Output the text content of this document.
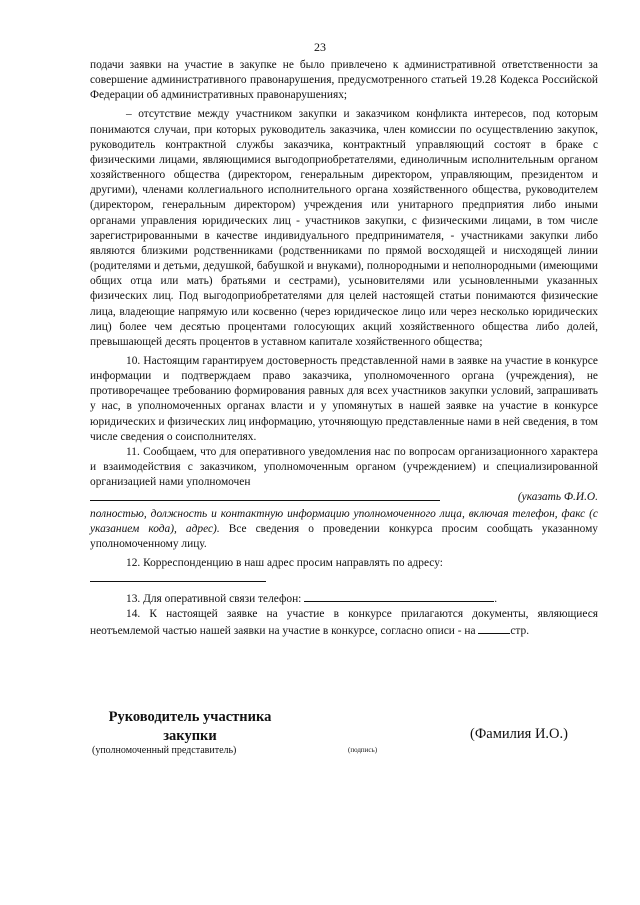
23

подачи заявки на участие в закупке не было привлечено к административной ответственности за совершение административного правонарушения, предусмотренного статьей 19.28 Кодекса Российской Федерации об административных правонарушениях;

– отсутствие между участником закупки и заказчиком конфликта интересов, под которым понимаются случаи, при которых руководитель заказчика, член комиссии по осуществлению закупок, руководитель контрактной службы заказчика, контрактный управляющий состоят в браке с физическими лицами, являющимися выгодоприобретателями, единоличным исполнительным органом хозяйственного общества (директором, генеральным директором, управляющим, президентом и другими), членами коллегиального исполнительного органа хозяйственного общества, руководителем (директором, генеральным директором) учреждения или унитарного предприятия либо иными органами управления юридических лиц - участников закупки, с физическими лицами, в том числе зарегистрированными в качестве индивидуального предпринимателя, - участниками закупки либо являются близкими родственниками (родственниками по прямой восходящей и нисходящей линии (родителями и детьми, дедушкой, бабушкой и внуками), полнородными и неполнородными (имеющими общих отца или мать) братьями и сестрами), усыновителями или усыновленными указанных физических лиц. Под выгодоприобретателями для целей настоящей статьи понимаются физические лица, владеющие напрямую или косвенно (через юридическое лицо или через несколько юридических лиц) более чем десятью процентами голосующих акций хозяйственного общества либо долей, превышающей десять процентов в уставном капитале хозяйственного общества;

10. Настоящим гарантируем достоверность представленной нами в заявке на участие в конкурсе информации и подтверждаем право заказчика, уполномоченного органа (учреждения), не противоречащее требованию формирования равных для всех участников закупки условий, запрашивать у нас, в уполномоченных органах власти и у упомянутых в нашей заявке на участие в конкурсе юридических и физических лиц информацию, уточняющую представленные нами в ней сведения, в том числе сведения о соисполнителях.

11. Сообщаем, что для оперативного уведомления нас по вопросам организационного характера и взаимодействия с заказчиком, уполномоченным органом (учреждением) и специализированной организацией нами уполномочен

(указать Ф.И.О.

полностью, должность и контактную информацию уполномоченного лица, включая телефон, факс (с указанием кода), адрес). Все сведения о проведении конкурса просим сообщать указанному уполномоченному лицу.

12. Корреспонденцию в наш адрес просим направлять по адресу:

13. Для оперативной связи телефон:	.

14. К настоящей заявке на участие в конкурсе прилагаются документы, являющиеся неотъемлемой частью нашей заявки на участие в конкурсе, согласно описи - на	стр.

Руководитель участника закупки
(уполномоченный представитель)	(подпись)
(Фамилия И.О.)
